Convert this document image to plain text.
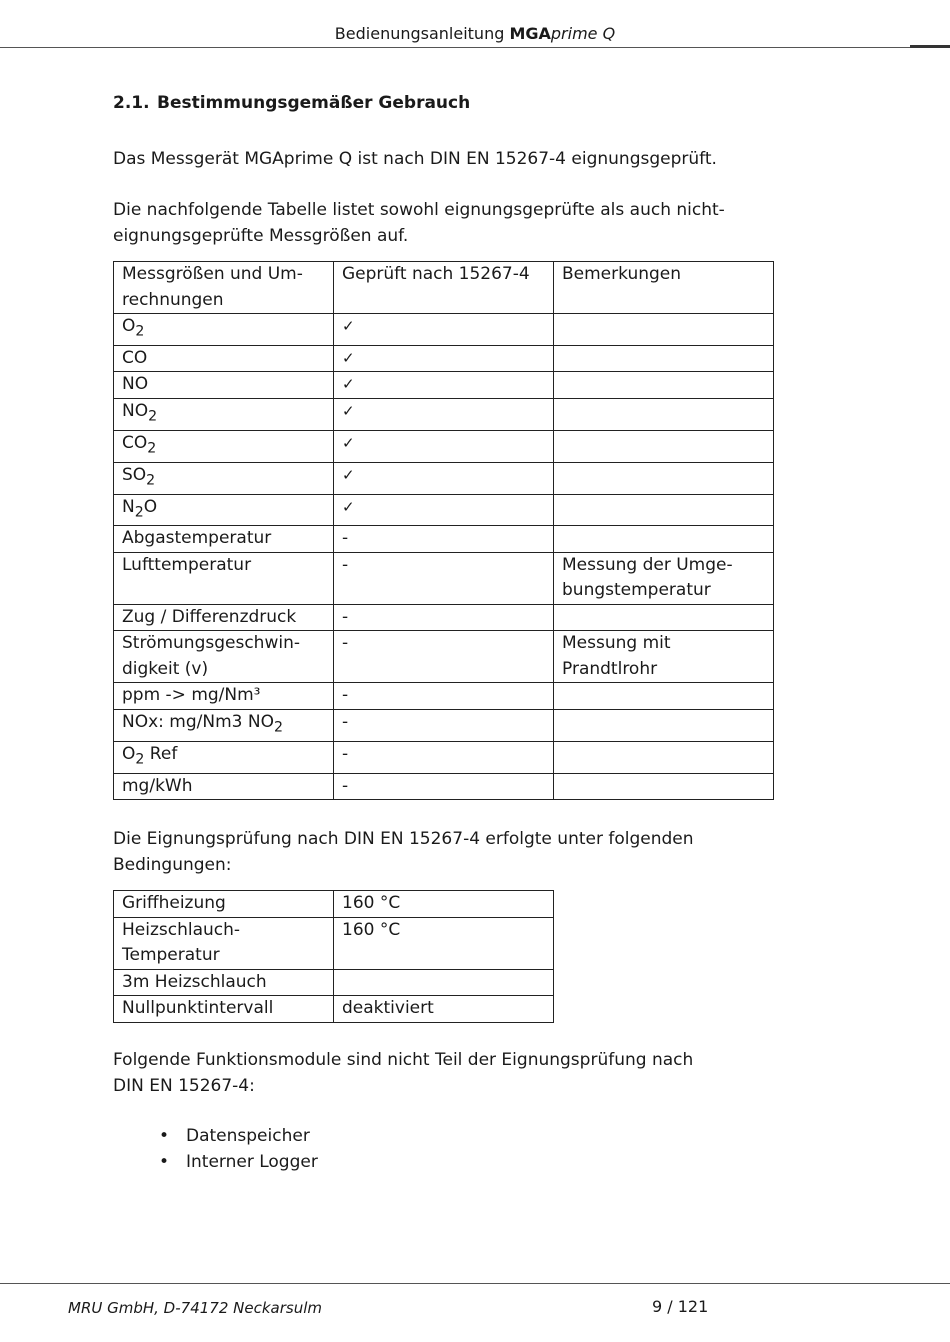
Bedienungsanleitung MGAprime Q
2.1. Bestimmungsgemäßer Gebrauch

Das Messgerät MGAprime Q ist nach DIN EN 15267-4 eignungsgeprüft.

Die nachfolgende Tabelle listet sowohl eignungsgeprüfte als auch nicht-
eignungsgeprüfte Messgrößen auf.

Messgrößen und Um-
rechnungen	Geprüft nach 15267-4	Bemerkungen
$O_2$	✓	
CO	✓	
NO	✓	
$NO_2$	✓	
$CO_2$	✓	
$SO_2$	✓	
$N_2O$	✓	
Abgastemperatur	-	
Lufttemperatur	-	Messung der Umge-
bungstemperatur
Zug / Differenzdruck	-	
Strömungsgeschwin-
digkeit (v)	-	Messung mit
Prandtlrohr
ppm -> mg/Nm³	-	
NOx: mg/Nm3 $NO_2$	-	
$O_2$ Ref	-	
mg/kWh	-	

Die Eignungsprüfung nach DIN EN 15267-4 erfolgte unter folgenden
Bedingungen:

Griffheizung	160 °C
Heizschlauch-
Temperatur	160 °C
3m Heizschlauch	
Nullpunktintervall	deaktiviert

Folgende Funktionsmodule sind nicht Teil der Eignungsprüfung nach
DIN EN 15267-4:

• Datenspeicher
• Interner Logger
MRU GmbH, D-74172 Neckarsulm	9 / 121
